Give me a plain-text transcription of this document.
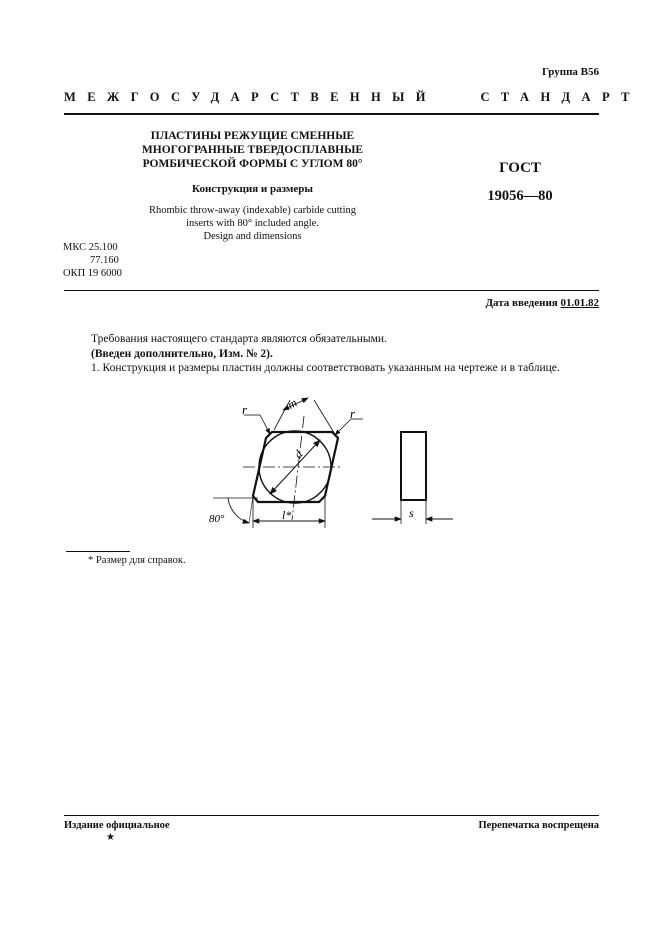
Группа В56
МЕЖГОСУДАРСТВЕННЫЙ	СТАНДАРТ
ПЛАСТИНЫ РЕЖУЩИЕ СМЕННЫЕ
МНОГОГРАННЫЕ ТВЕРДОСПЛАВНЫЕ
РОМБИЧЕСКОЙ ФОРМЫ С УГЛОМ 80°
Конструкция и размеры
Rhombic throw-away (indexable) carbide cutting
inserts with 80° included angle.
Design and dimensions
ГОСТ
19056—80
МКС 25.100
77.160
ОКП 19 6000
Дата введения 01.01.82
Требования настоящего стандарта являются обязательными.
(Введен дополнительно, Изм. № 2).
1. Конструкция и размеры пластин должны соответствовать указанным на чертеже и в таблице.
r	r
m
d
l*
80°	s
* Размер для справок.
Издание официальное
★
Перепечатка воспрещена
